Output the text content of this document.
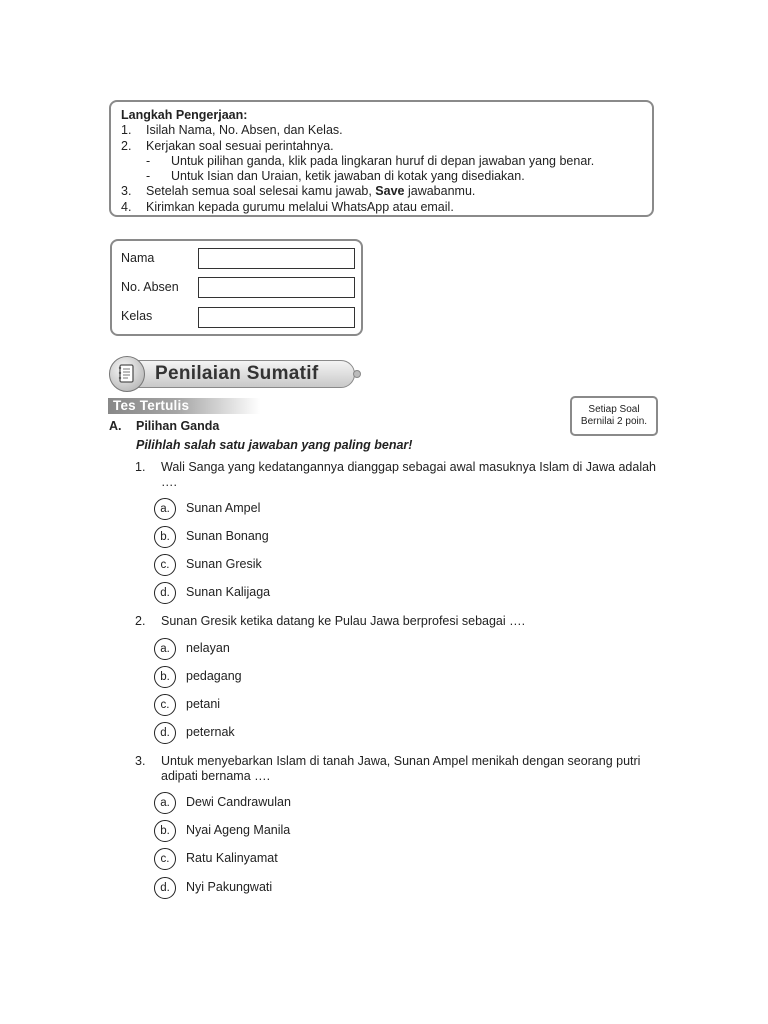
Langkah Pengerjaan:
1.	Isilah Nama, No. Absen, dan Kelas.
2.	Kerjakan soal sesuai perintahnya.
-	Untuk pilihan ganda, klik pada lingkaran huruf di depan jawaban yang benar.
-	Untuk Isian dan Uraian, ketik jawaban di kotak yang disediakan.
3.	Setelah semua soal selesai kamu jawab, Save jawabanmu.
4.	Kirimkan kepada gurumu melalui WhatsApp atau email.
Nama
No. Absen
Kelas
Penilaian Sumatif
Tes Tertulis	Setiap Soal
Bernilai 2 poin.
A. Pilihan Ganda
Pilihlah salah satu jawaban yang paling benar!
1. Wali Sanga yang kedatangannya dianggap sebagai awal masuknya Islam di Jawa adalah ….
a.	Sunan Ampel
b.	Sunan Bonang
c.	Sunan Gresik
d.	Sunan Kalijaga
2. Sunan Gresik ketika datang ke Pulau Jawa berprofesi sebagai ….
a.	nelayan
b.	pedagang
c.	petani
d.	peternak
3. Untuk menyebarkan Islam di tanah Jawa, Sunan Ampel menikah dengan seorang putri adipati bernama ….
a.	Dewi Candrawulan
b.	Nyai Ageng Manila
c.	Ratu Kalinyamat
d.	Nyi Pakungwati
